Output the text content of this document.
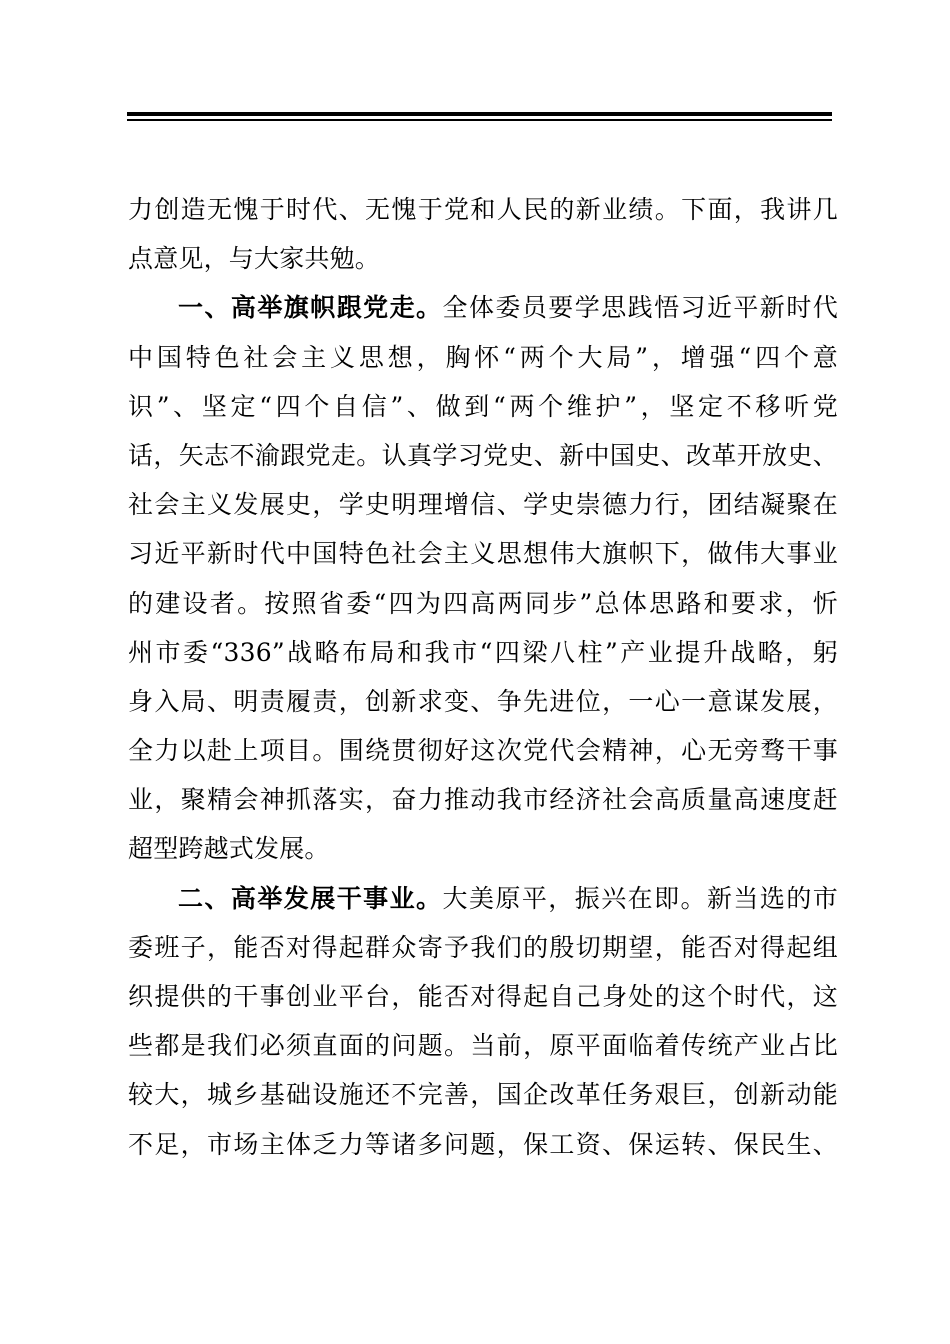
力创造无愧于时代、无愧于党和人民的新业绩。下面，我讲几
点意见，与大家共勉。
一、高举旗帜跟党走。全体委员要学思践悟习近平新时代
中国特色社会主义思想，胸怀“两个大局”，增强“四个意
识”、坚定“四个自信”、做到“两个维护”，坚定不移听党
话，矢志不渝跟党走。认真学习党史、新中国史、改革开放史、
社会主义发展史，学史明理增信、学史崇德力行，团结凝聚在
习近平新时代中国特色社会主义思想伟大旗帜下，做伟大事业
的建设者。按照省委“四为四高两同步”总体思路和要求，忻
州市委“336”战略布局和我市“四梁八柱”产业提升战略，躬
身入局、明责履责，创新求变、争先进位，一心一意谋发展，
全力以赴上项目。围绕贯彻好这次党代会精神，心无旁骛干事
业，聚精会神抓落实，奋力推动我市经济社会高质量高速度赶
超型跨越式发展。
二、高举发展干事业。大美原平，振兴在即。新当选的市
委班子，能否对得起群众寄予我们的殷切期望，能否对得起组
织提供的干事创业平台，能否对得起自己身处的这个时代，这
些都是我们必须直面的问题。当前，原平面临着传统产业占比
较大，城乡基础设施还不完善，国企改革任务艰巨，创新动能
不足，市场主体乏力等诸多问题，保工资、保运转、保民生、
